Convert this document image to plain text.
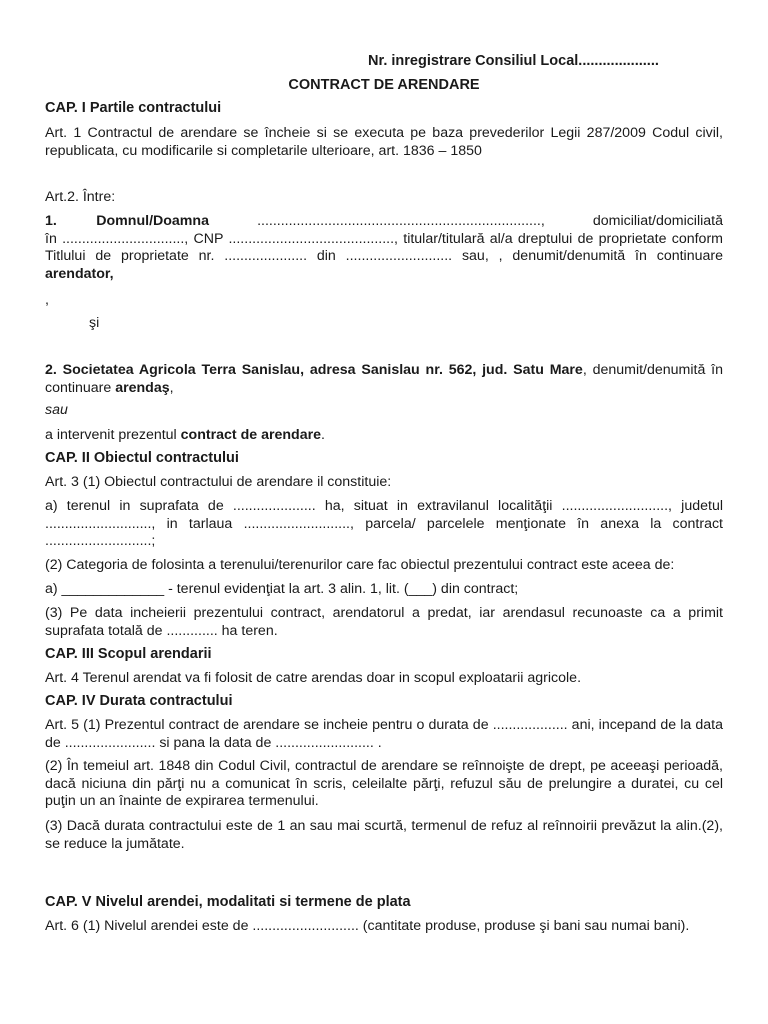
Nr. inregistrare Consiliul Local....................
CONTRACT DE ARENDARE
CAP. I Partile contractului
Art. 1 Contractul de arendare se încheie si se executa pe baza prevederilor Legii 287/2009 Codul civil, republicata, cu modificarile si completarile ulterioare, art. 1836 – 1850
Art.2. Între:
1.	Domnul/Doamna	........................................................................,	domiciliat/domiciliată
în ..............................., CNP .........................................., titular/titulară al/a dreptului de proprietate conform Titlului de proprietate nr. ..................... din ........................... sau, , denumit/denumită în continuare arendator,
,
şi
2. Societatea Agricola Terra Sanislau, adresa Sanislau nr. 562, jud. Satu Mare, denumit/denumită în continuare arendaş,
sau
a intervenit prezentul contract de arendare.
CAP. II Obiectul contractului
Art. 3 (1) Obiectul contractului de arendare il constituie:
a) terenul in suprafata de ..................... ha, situat in extravilanul localităţii ..........................., judetul ..........................., in tarlaua ..........................., parcela/ parcelele menţionate în anexa la contract ...........................;
(2) Categoria de folosinta a terenului/terenurilor care fac obiectul prezentului contract este aceea de:
a) _____________ - terenul evidenţiat la art. 3 alin. 1, lit. (___) din contract;
(3) Pe data incheierii prezentului contract, arendatorul a predat, iar arendasul recunoaste ca a primit suprafata totală de ............. ha teren.
CAP. III Scopul arendarii
Art. 4 Terenul arendat va fi folosit de catre arendas doar in scopul exploatarii agricole.
CAP. IV Durata contractului
Art. 5 (1) Prezentul contract de arendare se incheie pentru o durata de ................... ani, incepand de la data de ....................... si pana la data de ......................... .
(2) În temeiul art. 1848 din Codul Civil, contractul de arendare se reînnoişte de drept, pe aceeaşi perioadă, dacă niciuna din părţi nu a comunicat în scris, celeilalte părţi, refuzul său de prelungire a duratei, cu cel puţin un an înainte de expirarea termenului.
(3) Dacă durata contractului este de 1 an sau mai scurtă, termenul de refuz al reînnoirii prevăzut la alin.(2), se reduce la jumătate.
CAP. V Nivelul arendei, modalitati si termene de plata
Art. 6 (1) Nivelul arendei este de ........................... (cantitate produse, produse şi bani sau numai bani).
